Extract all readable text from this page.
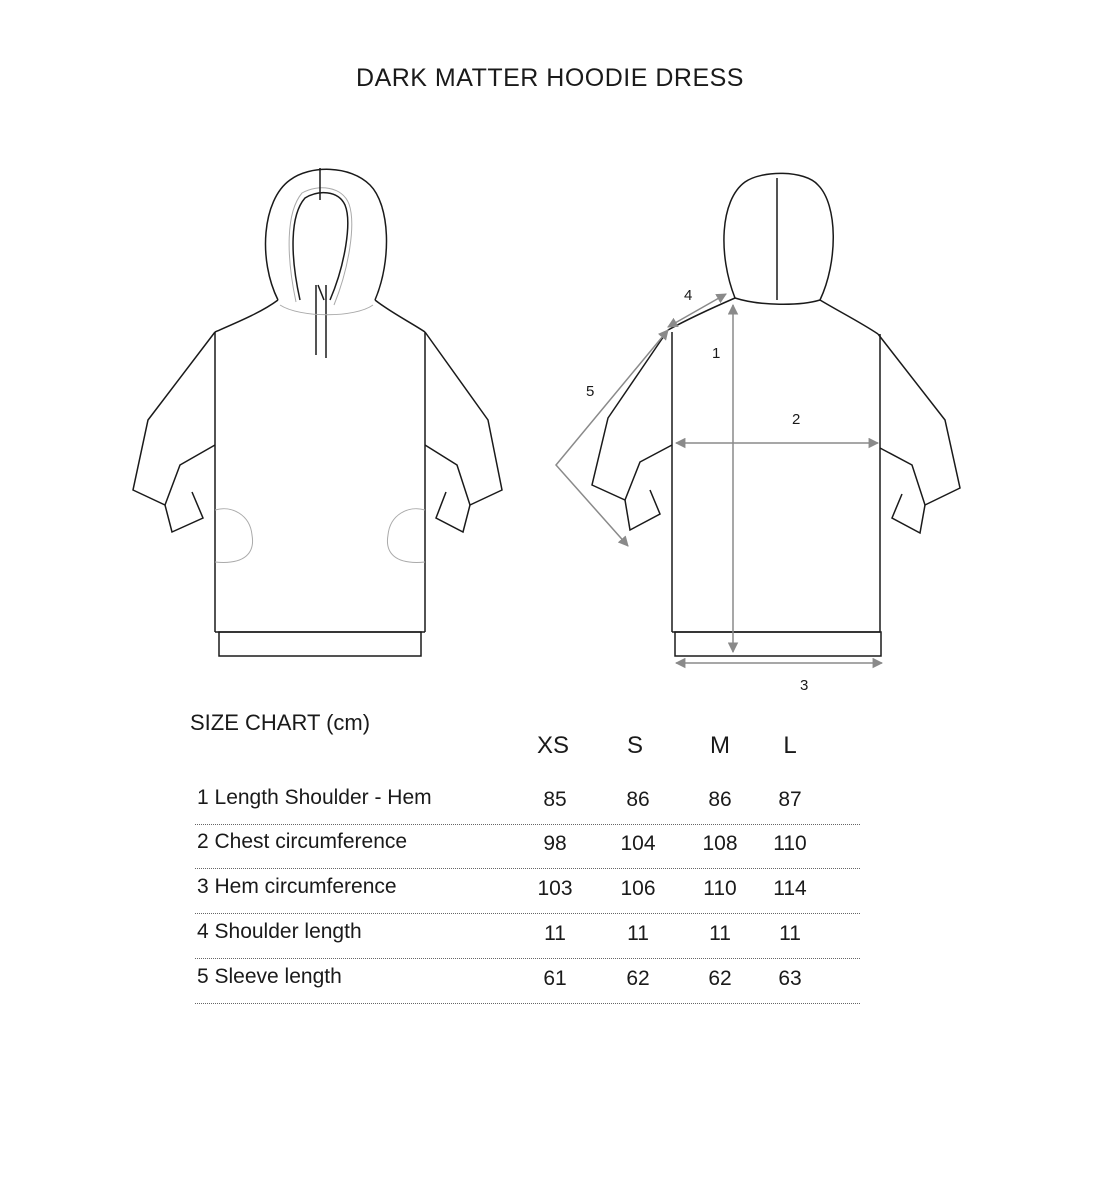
DARK MATTER HOODIE DRESS
1
2
3
4
5
SIZE CHART (cm)
XS	S	M	L
1 Length Shoulder - Hem	85	86	86	87
2 Chest circumference	98	104	108	110
3 Hem circumference	103	106	110	114
4 Shoulder length	11	11	11	11
5 Sleeve length	61	62	62	63
